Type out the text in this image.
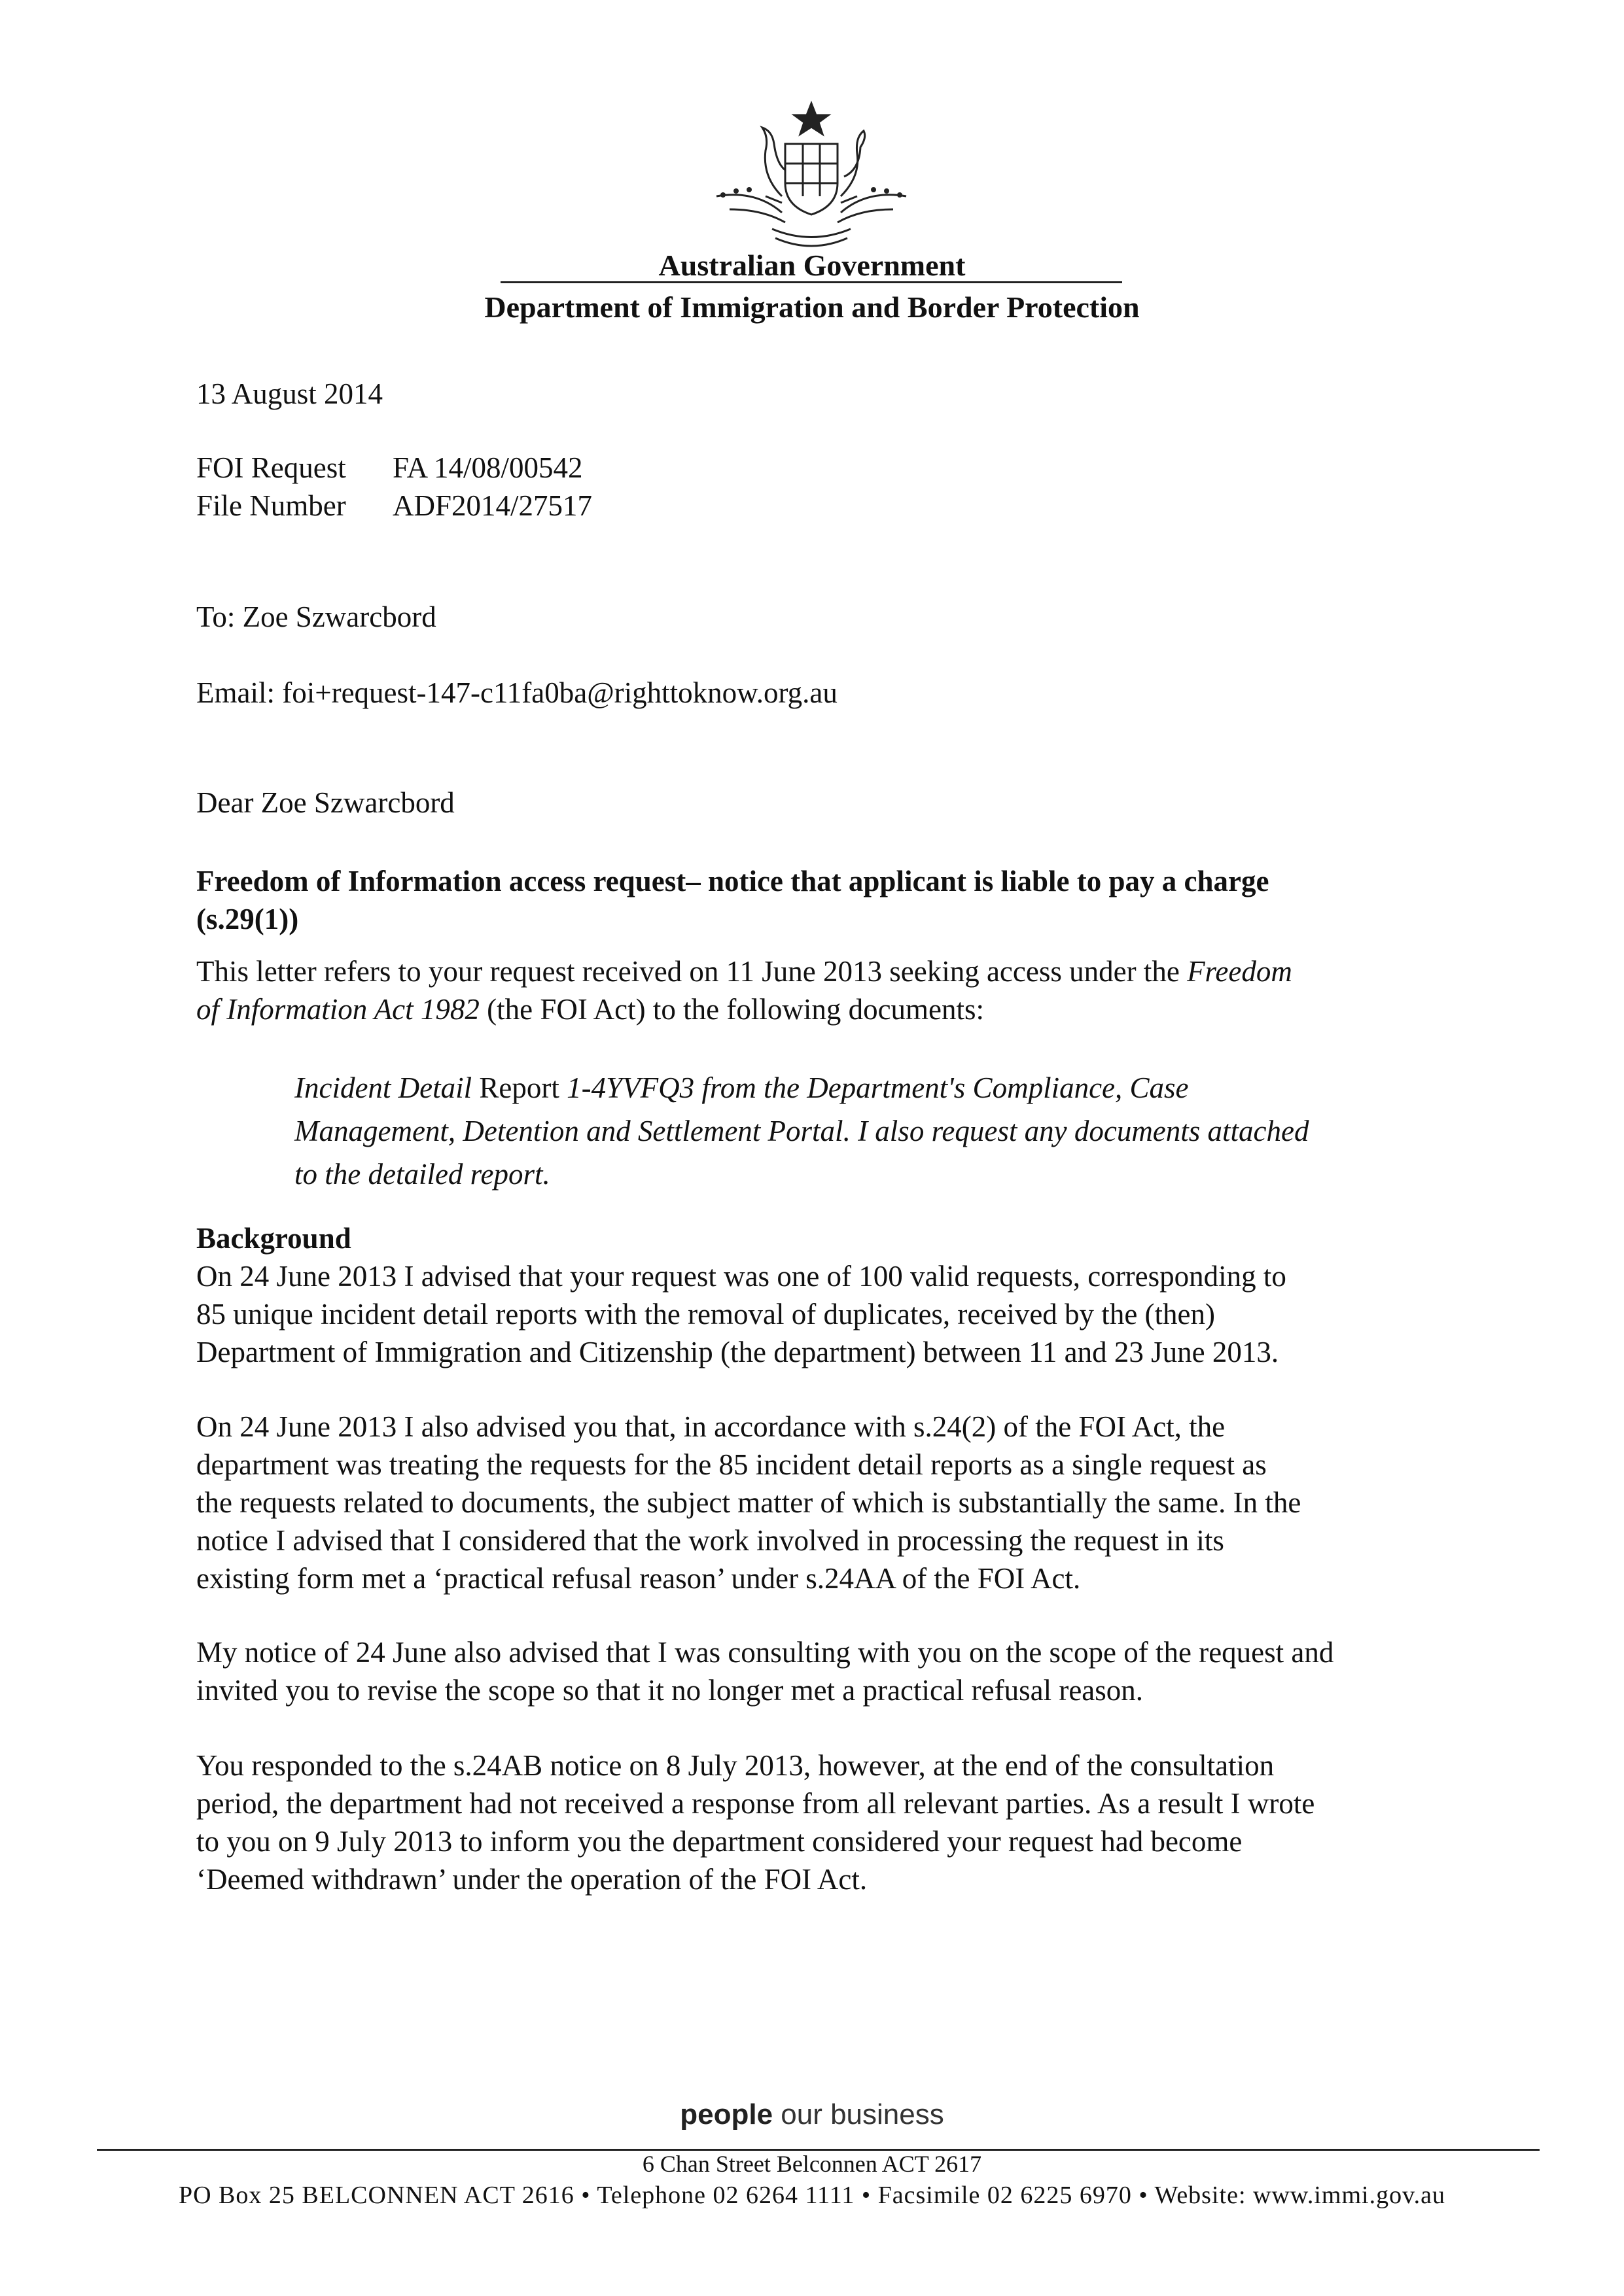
Australian Government
Department of Immigration and Border Protection
13 August 2014
FOI Request FA 14/08/00542
File Number ADF2014/27517
To: Zoe Szwarcbord
Email: foi+request-147-c11fa0ba@righttoknow.org.au
Dear Zoe Szwarcbord
Freedom of Information access request– notice that applicant is liable to pay a charge
(s.29(1))
This letter refers to your request received on 11 June 2013 seeking access under the Freedom
of Information Act 1982 (the FOI Act) to the following documents:
Incident Detail Report 1-4YVFQ3 from the Department's Compliance, Case
Management, Detention and Settlement Portal. I also request any documents attached
to the detailed report.
Background
On 24 June 2013 I advised that your request was one of 100 valid requests, corresponding to
85 unique incident detail reports with the removal of duplicates, received by the (then)
Department of Immigration and Citizenship (the department) between 11 and 23 June 2013.
On 24 June 2013 I also advised you that, in accordance with s.24(2) of the FOI Act, the
department was treating the requests for the 85 incident detail reports as a single request as
the requests related to documents, the subject matter of which is substantially the same. In the
notice I advised that I considered that the work involved in processing the request in its
existing form met a ‘practical refusal reason’ under s.24AA of the FOI Act.
My notice of 24 June also advised that I was consulting with you on the scope of the request and
invited you to revise the scope so that it no longer met a practical refusal reason.
You responded to the s.24AB notice on 8 July 2013, however, at the end of the consultation
period, the department had not received a response from all relevant parties. As a result I wrote
to you on 9 July 2013 to inform you the department considered your request had become
‘Deemed withdrawn’ under the operation of the FOI Act.
people our business
6 Chan Street Belconnen ACT 2617
PO Box 25 BELCONNEN ACT 2616 • Telephone 02 6264 1111 • Facsimile 02 6225 6970 • Website: www.immi.gov.au
